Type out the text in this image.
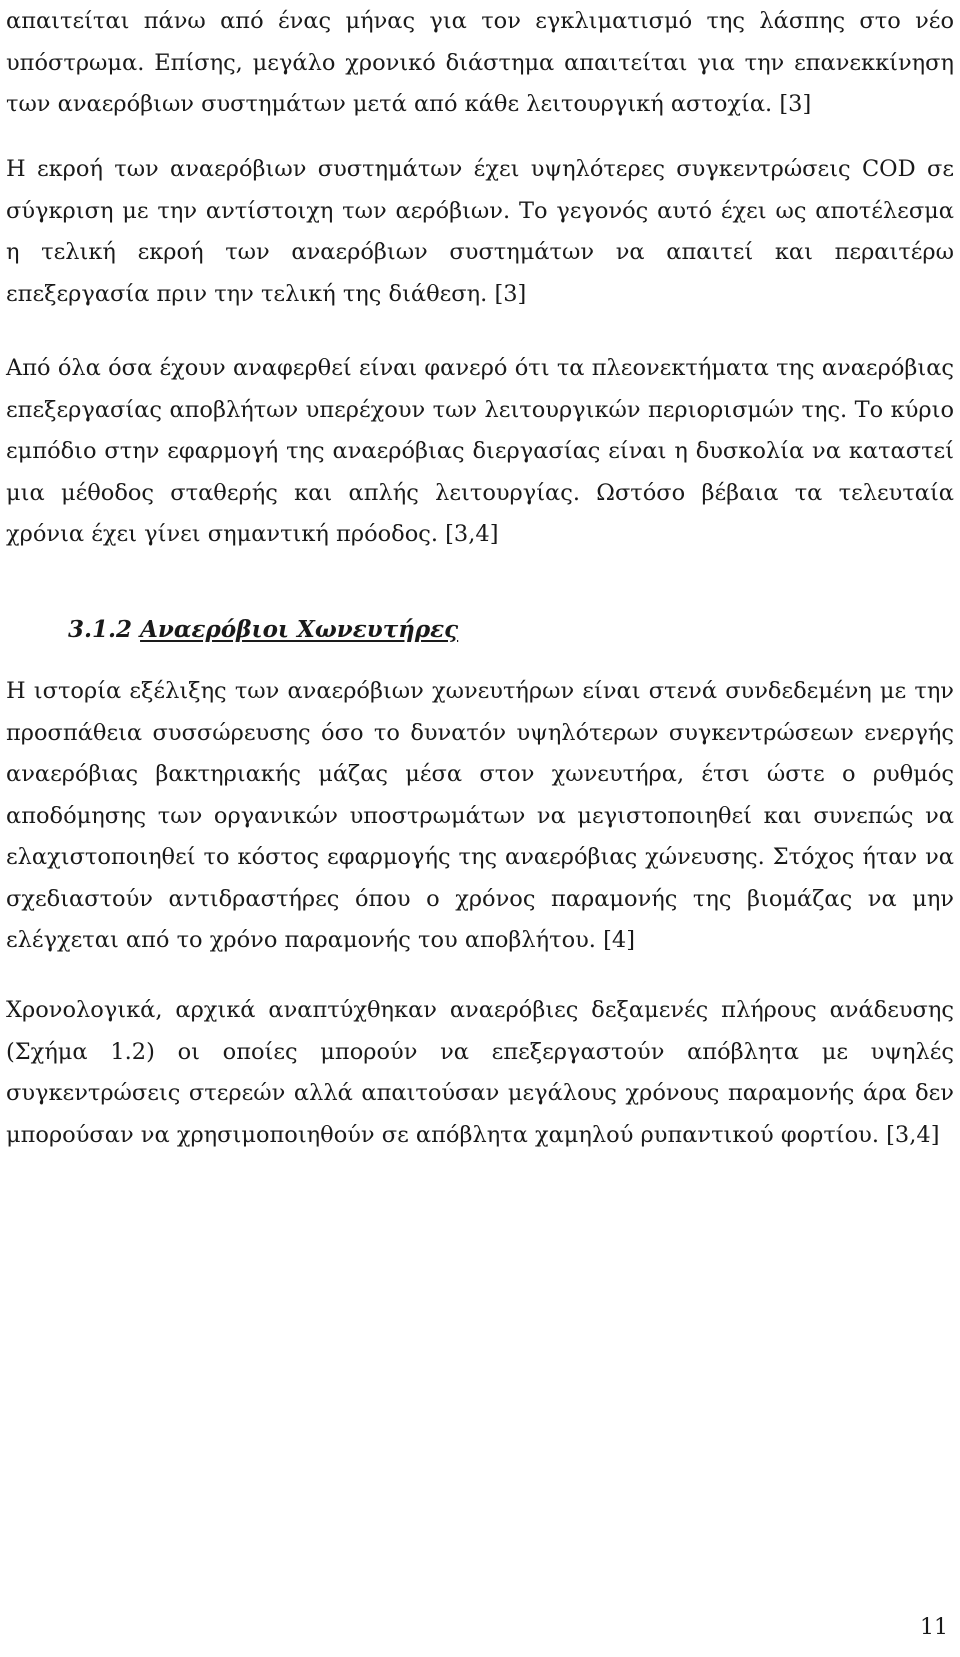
απαιτείται πάνω από ένας μήνας για τον εγκλιματισμό της λάσπης στο νέο υπόστρωμα. Επίσης, μεγάλο χρονικό διάστημα απαιτείται για την επανεκκίνηση των αναερόβιων συστημάτων μετά από κάθε λειτουργική αστοχία. [3]

Η εκροή των αναερόβιων συστημάτων έχει υψηλότερες συγκεντρώσεις COD σε σύγκριση με την αντίστοιχη των αερόβιων. Το γεγονός αυτό έχει ως αποτέλεσμα η τελική εκροή των αναερόβιων συστημάτων να απαιτεί και περαιτέρω επεξεργασία πριν την τελική της διάθεση. [3]

Από όλα όσα έχουν αναφερθεί είναι φανερό ότι τα πλεονεκτήματα της αναερόβιας επεξεργασίας αποβλήτων υπερέχουν των λειτουργικών περιορισμών της. Το κύριο εμπόδιο στην εφαρμογή της αναερόβιας διεργασίας είναι η δυσκολία να καταστεί μια μέθοδος σταθερής και απλής λειτουργίας. Ωστόσο βέβαια τα τελευταία χρόνια έχει γίνει σημαντική πρόοδος. [3,4]

3.1.2 Αναερόβιοι Χωνευτήρες

Η ιστορία εξέλιξης των αναερόβιων χωνευτήρων είναι στενά συνδεδεμένη με την προσπάθεια συσσώρευσης όσο το δυνατόν υψηλότερων συγκεντρώσεων ενεργής αναερόβιας βακτηριακής μάζας μέσα στον χωνευτήρα, έτσι ώστε ο ρυθμός αποδόμησης των οργανικών υποστρωμάτων να μεγιστοποιηθεί και συνεπώς να ελαχιστοποιηθεί το κόστος εφαρμογής της αναερόβιας χώνευσης. Στόχος ήταν να σχεδιαστούν αντιδραστήρες όπου ο χρόνος παραμονής της βιομάζας να μην ελέγχεται από το χρόνο παραμονής του αποβλήτου. [4]

Χρονολογικά, αρχικά αναπτύχθηκαν αναερόβιες δεξαμενές πλήρους ανάδευσης (Σχήμα 1.2) οι οποίες μπορούν να επεξεργαστούν απόβλητα με υψηλές συγκεντρώσεις στερεών αλλά απαιτούσαν μεγάλους χρόνους παραμονής άρα δεν μπορούσαν να χρησιμοποιηθούν σε απόβλητα χαμηλού ρυπαντικού φορτίου. [3,4]

11
